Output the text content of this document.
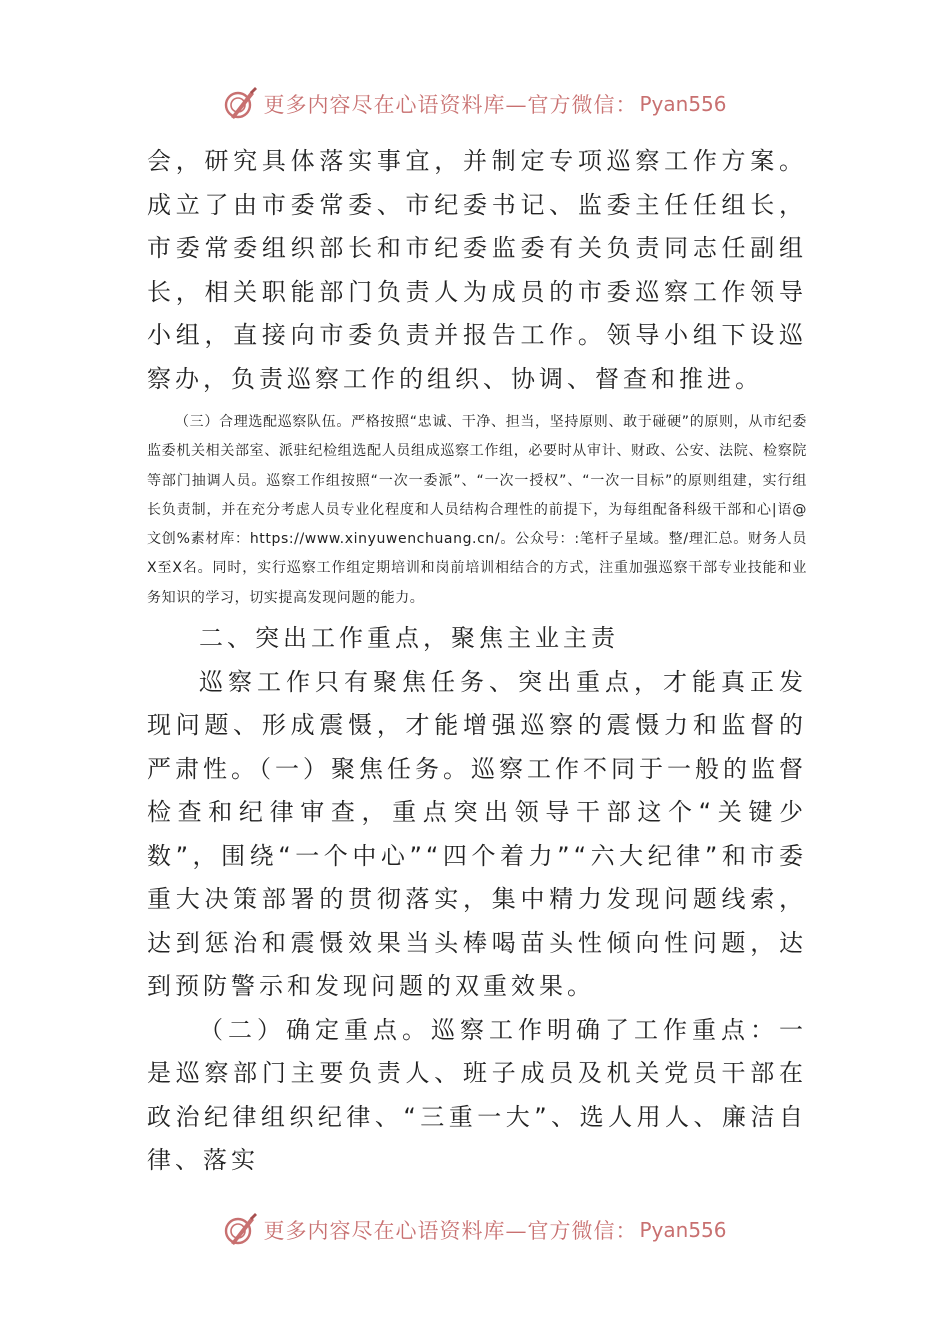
更多内容尽在心语资料库—官方微信： Pyan556

会，研究具体落实事宜，并制定专项巡察工作方案。成立了由市委常委、市纪委书记、监委主任任组长，市委常委组织部长和市纪委监委有关负责同志任副组长，相关职能部门负责人为成员的市委巡察工作领导小组，直接向市委负责并报告工作。领导小组下设巡察办，负责巡察工作的组织、协调、督查和推进。

（三）合理选配巡察队伍。严格按照“忠诚、干净、担当，坚持原则、敢于碰硬”的原则，从市纪委监委机关相关部室、派驻纪检组选配人员组成巡察工作组，必要时从审计、财政、公安、法院、检察院等部门抽调人员。巡察工作组按照“一次一委派”、“一次一授权”、“一次一目标”的原则组建，实行组长负责制，并在充分考虑人员专业化程度和人员结构合理性的前提下，为每组配备科级干部和心|语@文创%素材库：https://www.xinyuwenchuang.cn/。公众号：:笔杆子星域。整/理汇总。财务人员X至X名。同时，实行巡察工作组定期培训和岗前培训相结合的方式，注重加强巡察干部专业技能和业务知识的学习，切实提高发现问题的能力。

二、突出工作重点，聚焦主业主责

巡察工作只有聚焦任务、突出重点，才能真正发现问题、形成震慑，才能增强巡察的震慑力和监督的严肃性。（一）聚焦任务。巡察工作不同于一般的监督检查和纪律审查，重点突出领导干部这个“关键少数”，围绕“一个中心”“四个着力”“六大纪律”和市委重大决策部署的贯彻落实，集中精力发现问题线索，达到惩治和震慑效果当头棒喝苗头性倾向性问题，达到预防警示和发现问题的双重效果。

（二）确定重点。巡察工作明确了工作重点：一是巡察部门主要负责人、班子成员及机关党员干部在政治纪律组织纪律、“三重一大”、选人用人、廉洁自律、落实

更多内容尽在心语资料库—官方微信： Pyan556
